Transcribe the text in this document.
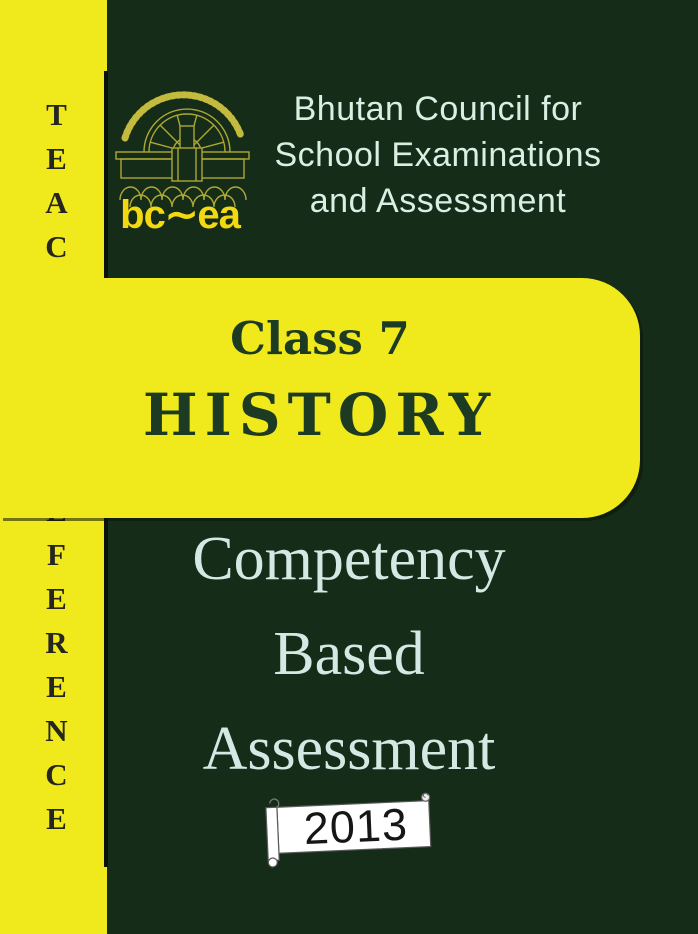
T
E
A
C
F
E
R
E
N
C
E
bc∼ea
Bhutan Council for
School Examinations
and Assessment
Class 7
HISTORY
Competency
Based
Assessment
2013
